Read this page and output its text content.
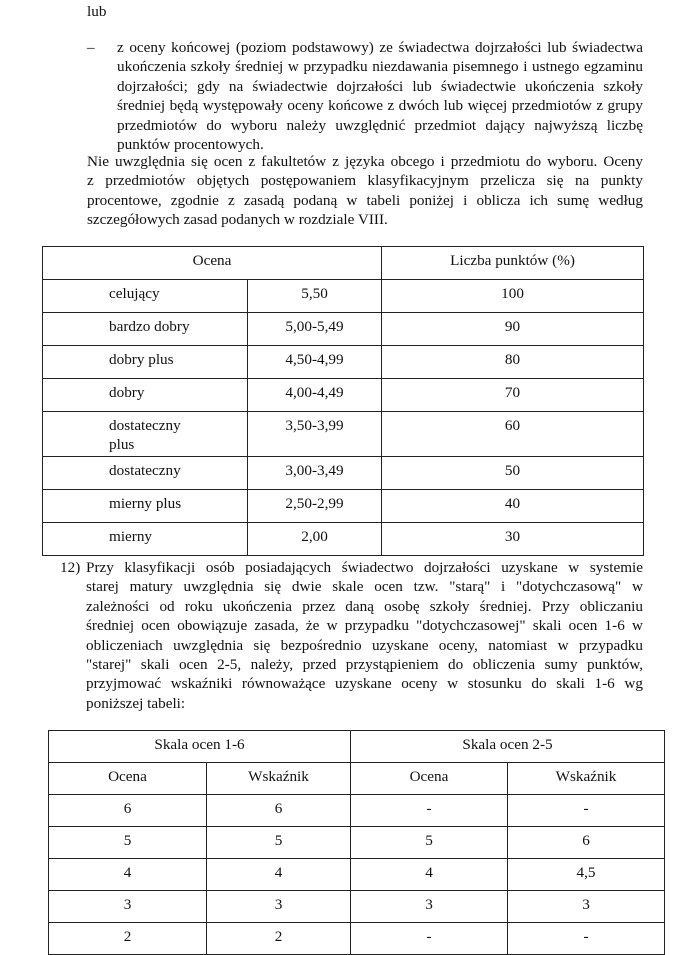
lub
– z oceny końcowej (poziom podstawowy) ze świadectwa dojrzałości lub świadectwa
ukończenia szkoły średniej w przypadku niezdawania pisemnego i ustnego egzaminu
dojrzałości; gdy na świadectwie dojrzałości lub świadectwie ukończenia szkoły
średniej będą występowały oceny końcowe z dwóch lub więcej przedmiotów z grupy
przedmiotów do wyboru należy uwzględnić przedmiot dający najwyższą liczbę
punktów procentowych.
Nie uwzględnia się ocen z fakultetów z języka obcego i przedmiotu do wyboru. Oceny
z przedmiotów objętych postępowaniem klasyfikacyjnym przelicza się na punkty
procentowe, zgodnie z zasadą podaną w tabeli poniżej i oblicza ich sumę według
szczegółowych zasad podanych w rozdziale VIII.
Ocena		Liczba punktów (%)
celujący	5,50	100
bardzo dobry	5,00-5,49	90
dobry plus	4,50-4,99	80
dobry	4,00-4,49	70

dostateczny
plus	3,50-3,99	60
dostateczny	3,00-3,49	50
mierny plus	2,50-2,99	40
mierny	2,00	30
12) Przy klasyfikacji osób posiadających świadectwo dojrzałości uzyskane w systemie
starej matury uwzględnia się dwie skale ocen tzw. "starą" i "dotychczasową" w
zależności od roku ukończenia przez daną osobę szkoły średniej. Przy obliczaniu
średniej ocen obowiązuje zasada, że w przypadku "dotychczasowej" skali ocen 1-6 w
obliczeniach uwzględnia się bezpośrednio uzyskane oceny, natomiast w przypadku
"starej" skali ocen 2-5, należy, przed przystąpieniem do obliczenia sumy punktów,
przyjmować wskaźniki równoważące uzyskane oceny w stosunku do skali 1-6 wg
poniższej tabeli:
Skala ocen 1-6		Skala ocen 2-5	
Ocena	Wskaźnik	Ocena	Wskaźnik
6	6	-	-
5	5	5	6
4	4	4	4,5
3	3	3	3
2	2	-	-
